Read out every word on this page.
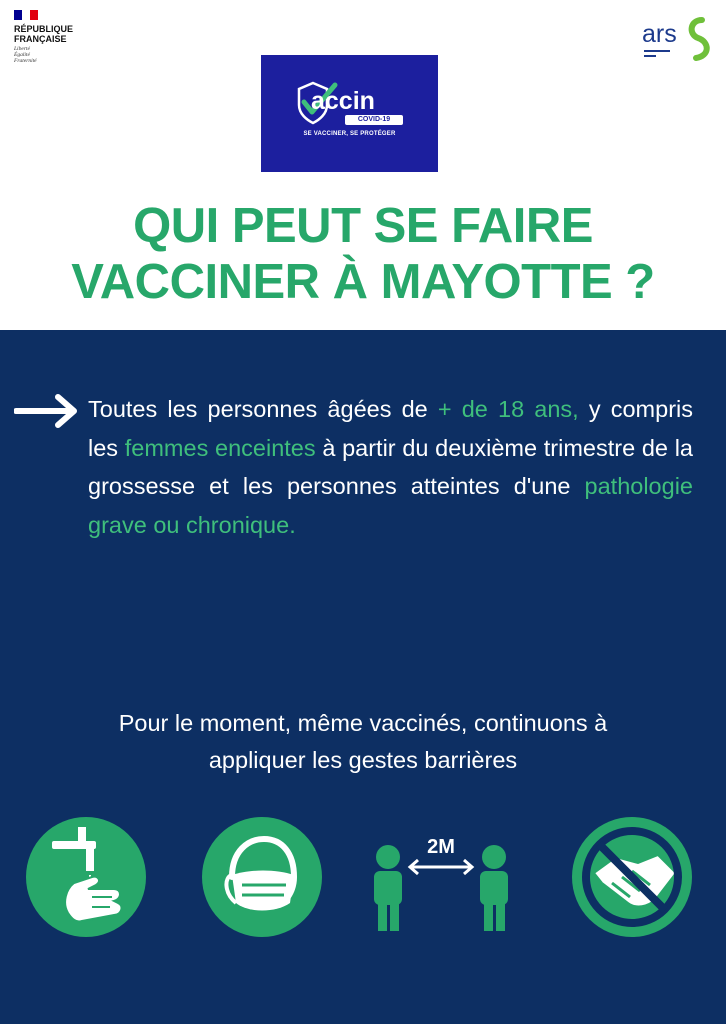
RÉPUBLIQUE
FRANÇAISE
Liberté
Égalité
Fraternité
ars
accin
COVID-19
SE VACCINER, SE PROTÉGER
QUI PEUT SE FAIRE
VACCINER À MAYOTTE ?
Toutes les personnes âgées de + de 18 ans, y compris les femmes enceintes à partir du deuxième trimestre de la grossesse et les personnes atteintes d'une pathologie grave ou chronique.
Pour le moment, même vaccinés, continuons à
appliquer les gestes barrières
2M
